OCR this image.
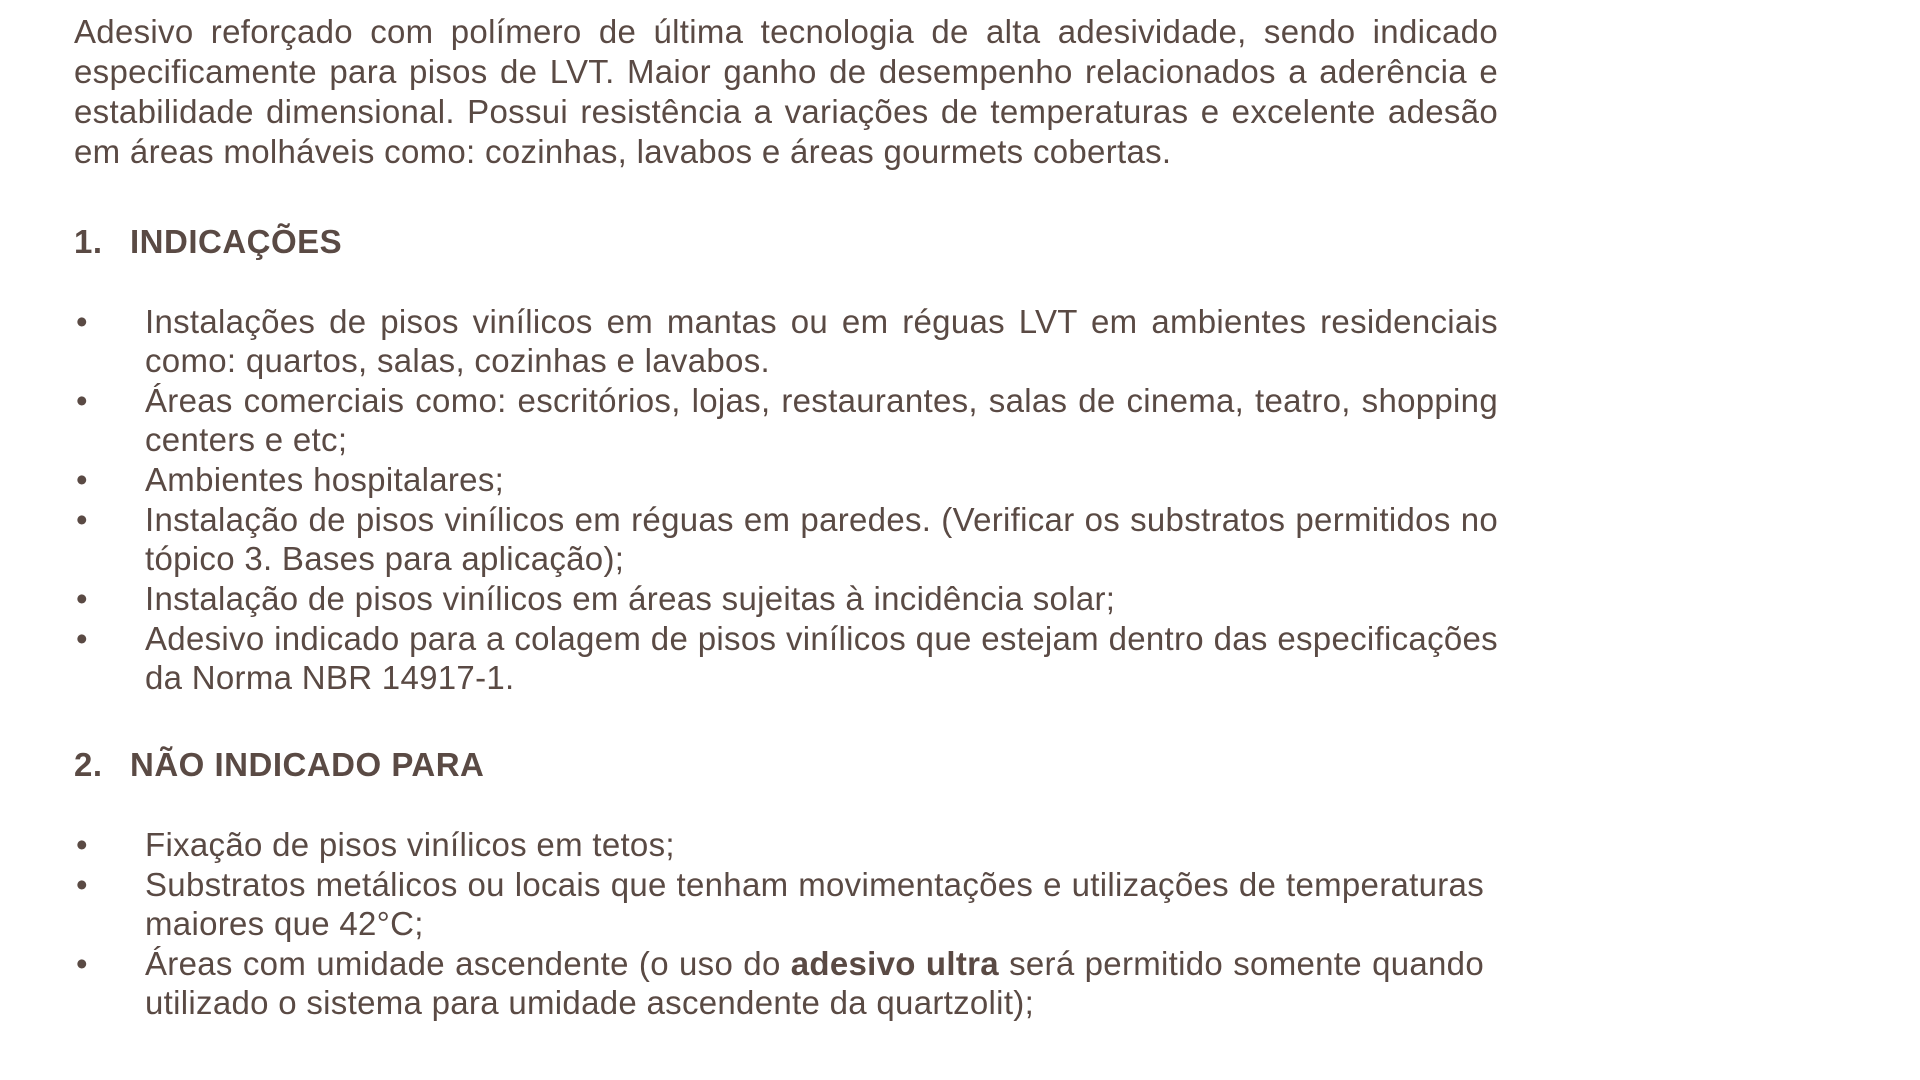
Adesivo reforçado com polímero de última tecnologia de alta adesividade, sendo indicado especificamente para pisos de LVT. Maior ganho de desempenho relacionados a aderência e estabilidade dimensional. Possui resistência a variações de temperaturas e excelente adesão em áreas molháveis como: cozinhas, lavabos e áreas gourmets cobertas.

1. INDICAÇÕES
•	Instalações de pisos vinílicos em mantas ou em réguas LVT em ambientes residenciais como: quartos, salas, cozinhas e lavabos.
•	Áreas comerciais como: escritórios, lojas, restaurantes, salas de cinema, teatro, shopping centers e etc;
•	Ambientes hospitalares;
•	Instalação de pisos vinílicos em réguas em paredes. (Verificar os substratos permitidos no tópico 3. Bases para aplicação);
•	Instalação de pisos vinílicos em áreas sujeitas à incidência solar;
•	Adesivo indicado para a colagem de pisos vinílicos que estejam dentro das especificações da Norma NBR 14917-1.
2. NÃO INDICADO PARA
•	Fixação de pisos vinílicos em tetos;
•	Substratos metálicos ou locais que tenham movimentações e utilizações de temperaturas maiores que 42°C;
•	Áreas com umidade ascendente (o uso do adesivo ultra será permitido somente quando utilizado o sistema para umidade ascendente da quartzolit);
